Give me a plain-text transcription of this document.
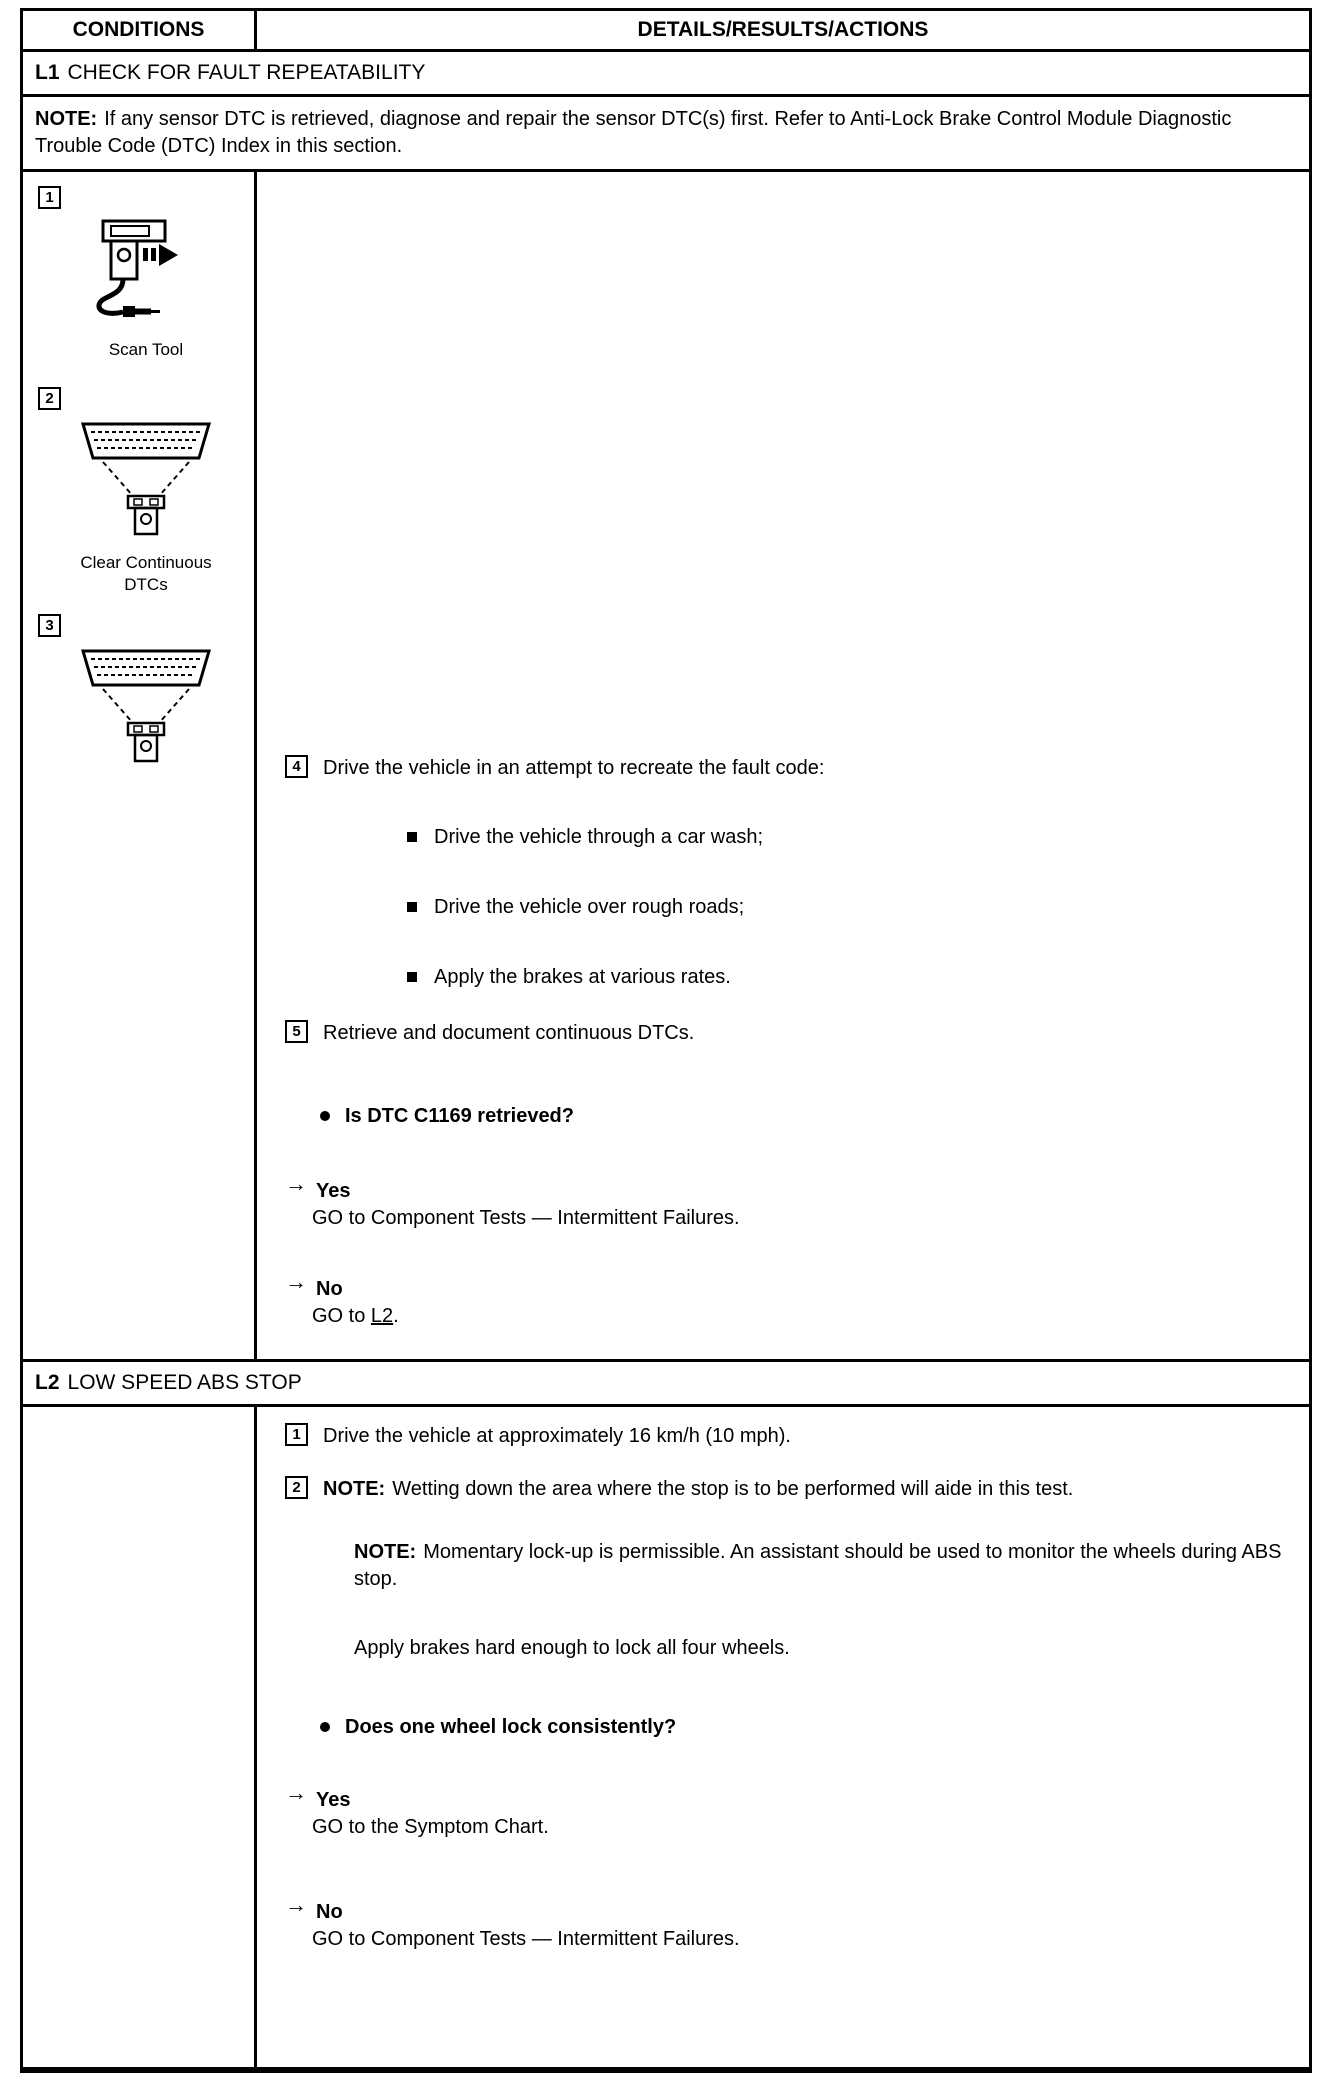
CONDITIONS	DETAILS/RESULTS/ACTIONS
L1 CHECK FOR FAULT REPEATABILITY
NOTE: If any sensor DTC is retrieved, diagnose and repair the sensor DTC(s) first. Refer to Anti-Lock Brake Control Module Diagnostic Trouble Code (DTC) Index in this section.
1
Scan Tool
2
Clear Continuous DTCs
3
4	Drive the vehicle in an attempt to recreate the fault code:
Drive the vehicle through a car wash;
Drive the vehicle over rough roads;
Apply the brakes at various rates.
5	Retrieve and document continuous DTCs.
Is DTC C1169 retrieved?
→ Yes
GO to Component Tests — Intermittent Failures.
→ No
GO to L2.
L2 LOW SPEED ABS STOP
1	Drive the vehicle at approximately 16 km/h (10 mph).
2	NOTE: Wetting down the area where the stop is to be performed will aide in this test.
NOTE: Momentary lock-up is permissible. An assistant should be used to monitor the wheels during ABS stop.
Apply brakes hard enough to lock all four wheels.
Does one wheel lock consistently?
→ Yes
GO to the Symptom Chart.
→ No
GO to Component Tests — Intermittent Failures.
